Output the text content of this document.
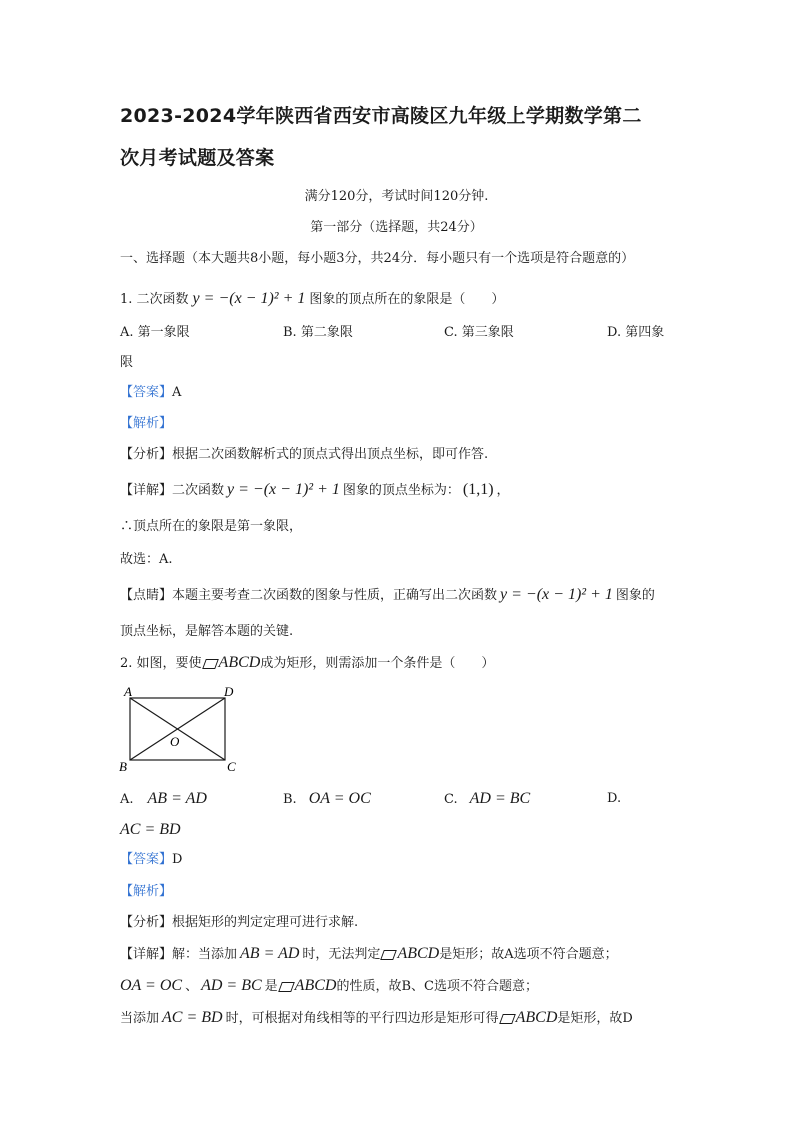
2023-2024学年陕西省西安市高陵区九年级上学期数学第二
次月考试题及答案
满分120分，考试时间120分钟.
第一部分（选择题，共24分）
一、选择题（本大题共8小题，每小题3分，共24分．每小题只有一个选项是符合题意的）
1. 二次函数 y = −(x − 1)² + 1 图象的顶点所在的象限是（　　）
A. 第一象限	B. 第二象限	C. 第三象限	D. 第四象
限
【答案】A
【解析】
【分析】根据二次函数解析式的顶点式得出顶点坐标，即可作答.
【详解】二次函数 y = −(x − 1)² + 1 图象的顶点坐标为： (1,1) ，
∴顶点所在的象限是第一象限，
故选：A.
【点睛】本题主要考查二次函数的图象与性质，正确写出二次函数 y = −(x − 1)² + 1 图象的
顶点坐标，是解答本题的关键.
2. 如图，要使 ABCD成为矩形，则需添加一个条件是（　　）
A	D
B	C
O
A. AB = AD	B. OA = OC	C. AD = BC	D.
AC = BD
【答案】D
【解析】
【分析】根据矩形的判定定理可进行求解.
【详解】解：当添加 AB = AD 时，无法判定 ABCD是矩形；故A选项不符合题意；
OA = OC 、 AD = BC 是 ABCD的性质，故B、C选项不符合题意；
当添加 AC = BD 时，可根据对角线相等的平行四边形是矩形可得 ABCD是矩形，故D
